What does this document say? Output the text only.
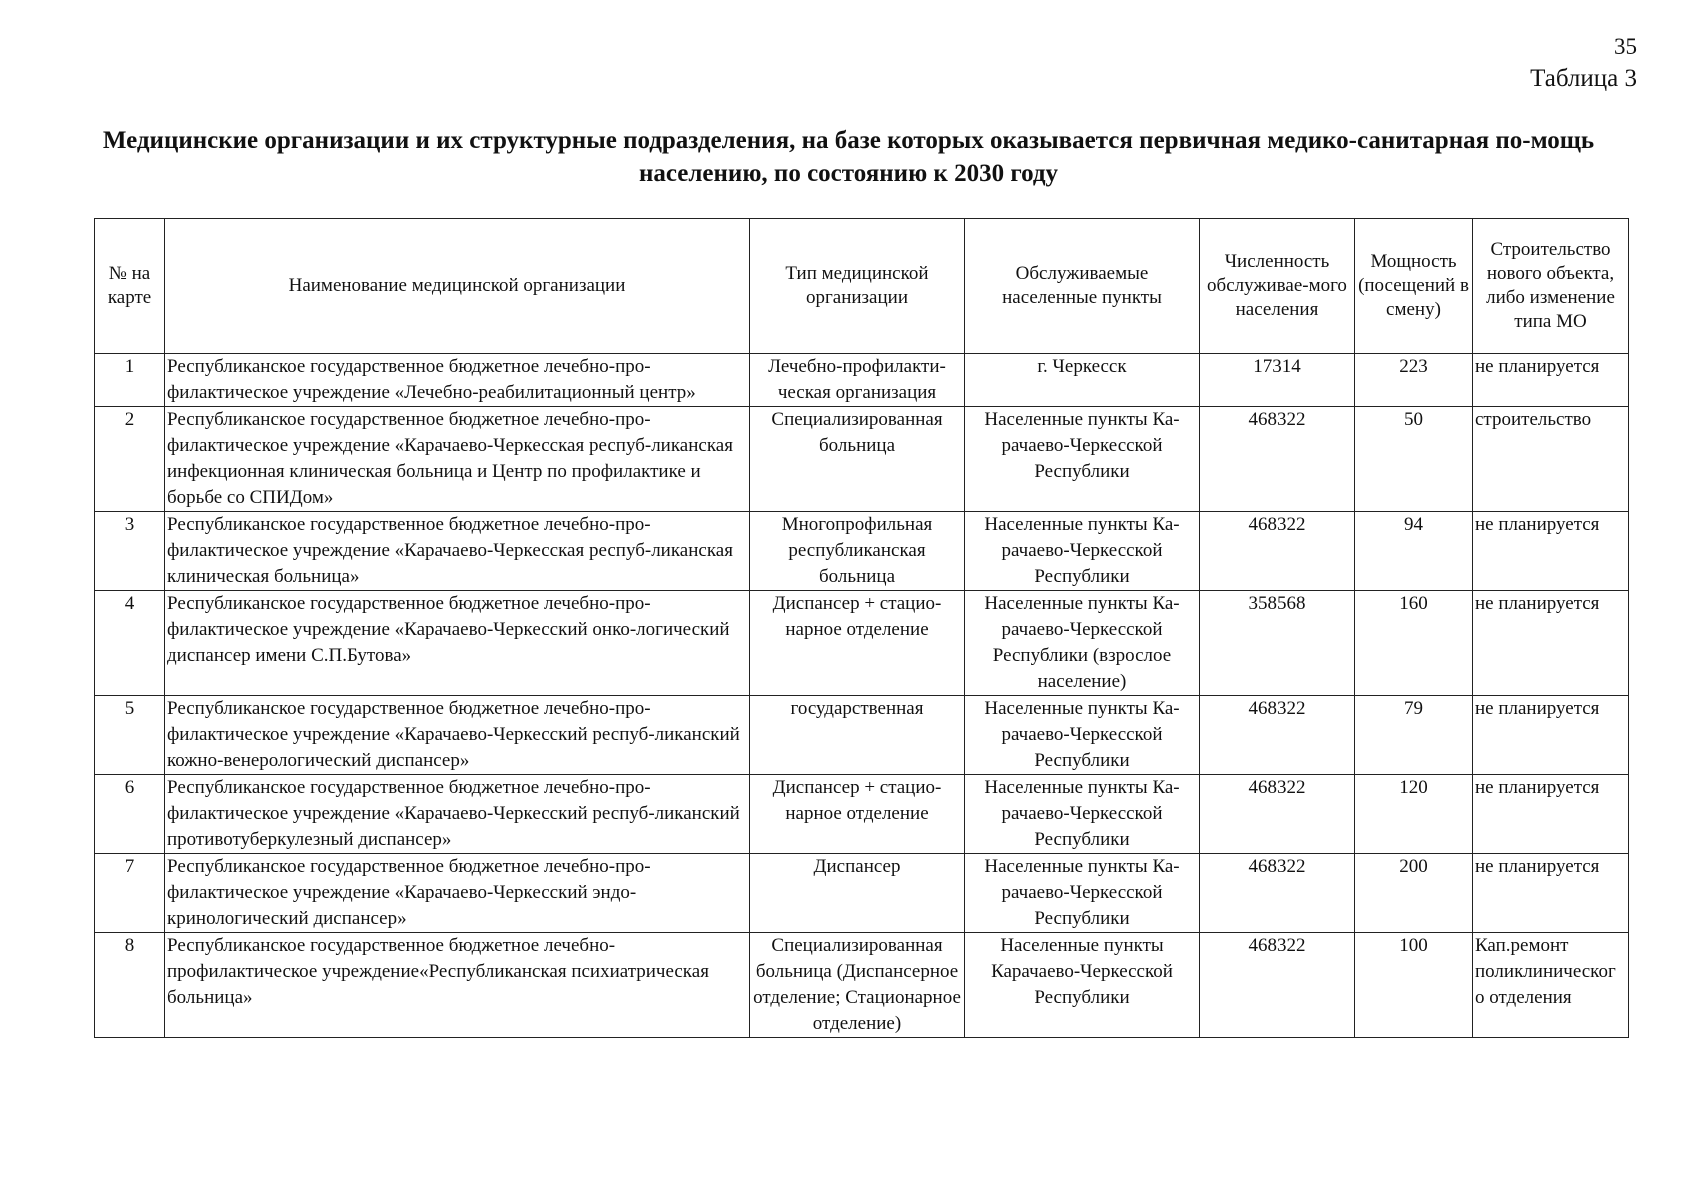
35
Таблица 3
Медицинские организации и их структурные подразделения, на базе которых оказывается первичная медико-санитарная по-мощь населению, по состоянию к 2030 году
№ на карте	Наименование медицинской организации	Тип медицинской организации	Обслуживаемые населенные пункты	Численность обслуживае-мого населения	Мощность (посещений в смену)	Строительство нового объекта, либо изменение типа МО
1	Республиканское государственное бюджетное лечебно-про-филактическое учреждение «Лечебно-реабилитационный центр»	Лечебно-профилакти-ческая организация	г. Черкесск	17314	223	не планируется
2	Республиканское государственное бюджетное лечебно-про-филактическое учреждение «Карачаево-Черкесская респуб-ликанская инфекционная клиническая больница и Центр по профилактике и борьбе со СПИДом»	Специализированная больница	Населенные пункты Ка-рачаево-Черкесской Республики	468322	50	строительство
3	Республиканское государственное бюджетное лечебно-про-филактическое учреждение «Карачаево-Черкесская респуб-ликанская клиническая больница»	Многопрофильная республиканская больница	Населенные пункты Ка-рачаево-Черкесской Республики	468322	94	не планируется
4	Республиканское государственное бюджетное лечебно-про-филактическое учреждение «Карачаево-Черкесский онко-логический диспансер имени С.П.Бутова»	Диспансер + стацио-нарное отделение	Населенные пункты Ка-рачаево-Черкесской Республики (взрослое население)	358568	160	не планируется
5	Республиканское государственное бюджетное лечебно-про-филактическое учреждение «Карачаево-Черкесский респуб-ликанский кожно-венерологический диспансер»	государственная	Населенные пункты Ка-рачаево-Черкесской Республики	468322	79	не планируется
6	Республиканское государственное бюджетное лечебно-про-филактическое учреждение «Карачаево-Черкесский респуб-ликанский противотуберкулезный диспансер»	Диспансер + стацио-нарное отделение	Населенные пункты Ка-рачаево-Черкесской Республики	468322	120	не планируется
7	Республиканское государственное бюджетное лечебно-про-филактическое учреждение «Карачаево-Черкесский эндо-кринологический диспансер»	Диспансер	Населенные пункты Ка-рачаево-Черкесской Республики	468322	200	не планируется
8	Республиканское государственное бюджетное лечебно-профилактическое учреждение«Республиканская психиатрическая больница»	Специализированная больница (Диспансерное отделение; Стационарное отделение)	Населенные пункты Карачаево-Черкесской Республики	468322	100	Кап.ремонт поликлиническог о отделения
